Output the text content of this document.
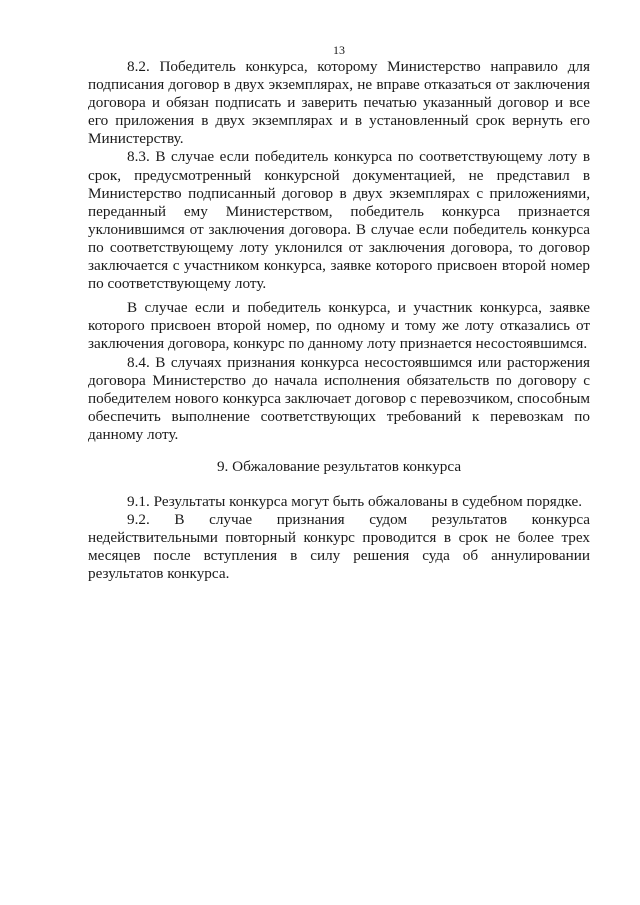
13

8.2. Победитель конкурса, которому Министерство направило для подписания договор в двух экземплярах, не вправе отказаться от заключения договора и обязан подписать и заверить печатью указанный договор и все его приложения в двух экземплярах и в установленный срок вернуть его Министерству.

8.3. В случае если победитель конкурса по соответствующему лоту в срок, предусмотренный конкурсной документацией, не представил в Министерство подписанный договор в двух экземплярах с приложениями, переданный ему Министерством, победитель конкурса признается уклонившимся от заключения договора. В случае если победитель конкурса по соответствующему лоту уклонился от заключения договора, то договор заключается с участником конкурса, заявке которого присвоен второй номер по соответствующему лоту.

В случае если и победитель конкурса, и участник конкурса, заявке которого присвоен второй номер, по одному и тому же лоту отказались от заключения договора, конкурс по данному лоту признается несостоявшимся.

8.4. В случаях признания конкурса несостоявшимся или расторжения договора Министерство до начала исполнения обязательств по договору с победителем нового конкурса заключает договор с перевозчиком, способным обеспечить выполнение соответствующих требований к перевозкам по данному лоту.

9. Обжалование результатов конкурса

9.1. Результаты конкурса могут быть обжалованы в судебном порядке.

9.2. В случае признания судом результатов конкурса недействительными повторный конкурс проводится в срок не более трех месяцев после вступления в силу решения суда об аннулировании результатов конкурса.
